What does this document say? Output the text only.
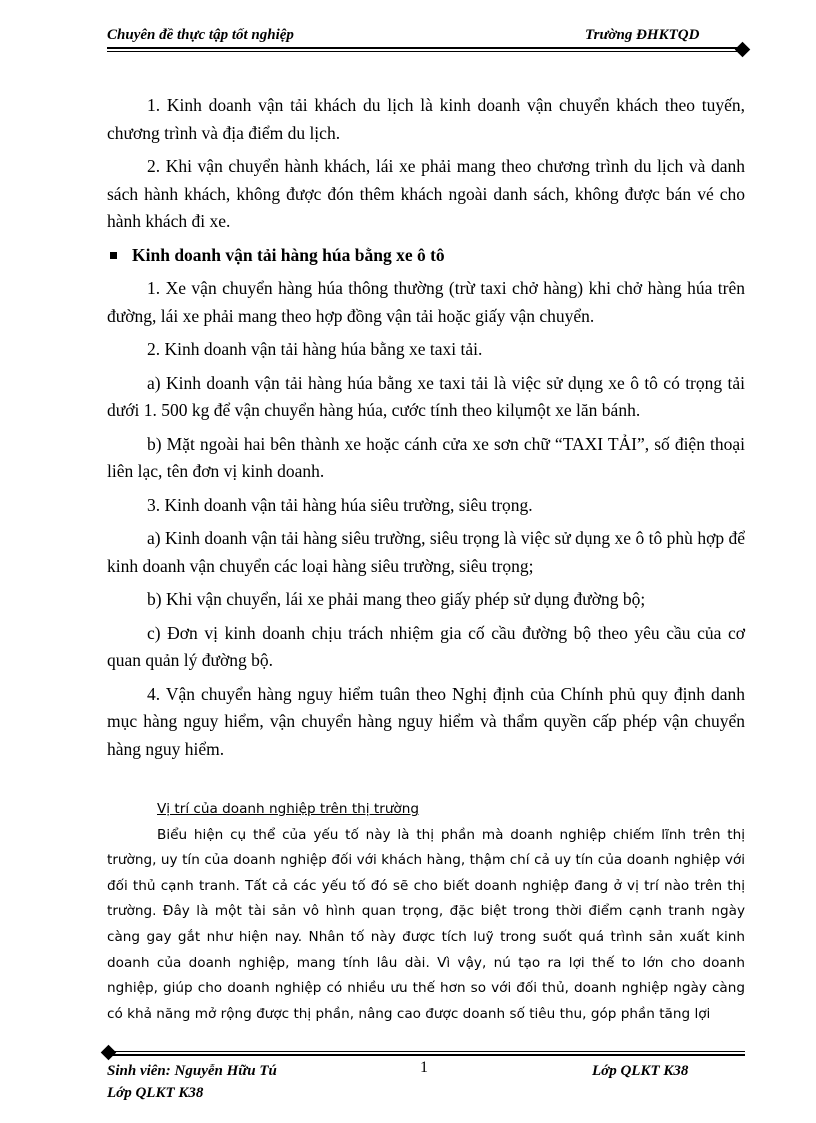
Chuyên đề thực tập tốt nghiệp	Trường ĐHKTQD

1. Kinh doanh vận tải khách du lịch là kinh doanh vận chuyển khách theo tuyến, chương trình và địa điểm du lịch.

2. Khi vận chuyển hành khách, lái xe phải mang theo chương trình du lịch và danh sách hành khách, không được đón thêm khách ngoài danh sách, không được bán vé cho hành khách đi xe.

Kinh doanh vận tải hàng húa bằng xe ô tô

1. Xe vận chuyển hàng húa thông thường (trừ taxi chở hàng) khi chở hàng húa trên đường, lái xe phải mang theo hợp đồng vận tải hoặc giấy vận chuyển.

2. Kinh doanh vận tải hàng húa bằng xe taxi tải.

a) Kinh doanh vận tải hàng húa bằng xe taxi tải là việc sử dụng xe ô tô có trọng tải dưới 1. 500 kg để vận chuyển hàng húa, cước tính theo kilụmột xe lăn bánh.

b) Mặt ngoài hai bên thành xe hoặc cánh cửa xe sơn chữ “TAXI TẢI”, số điện thoại liên lạc, tên đơn vị kinh doanh.

3. Kinh doanh vận tải hàng húa siêu trường, siêu trọng.

a) Kinh doanh vận tải hàng siêu trường, siêu trọng là việc sử dụng xe ô tô phù hợp để kinh doanh vận chuyển các loại hàng siêu trường, siêu trọng;

b) Khi vận chuyển, lái xe phải mang theo giấy phép sử dụng đường bộ;

c) Đơn vị kinh doanh chịu trách nhiệm gia cố cầu đường bộ theo yêu cầu của cơ quan quản lý đường bộ.

4. Vận chuyển hàng nguy hiểm tuân theo Nghị định của Chính phủ quy định danh mục hàng nguy hiểm, vận chuyển hàng nguy hiểm và thẩm quyền cấp phép vận chuyển hàng nguy hiểm.

Vị trí của doanh nghiệp trên thị trường

Biểu hiện cụ thể của yếu tố này là thị phần mà doanh nghiệp chiếm lĩnh trên thị trường, uy tín của doanh nghiệp đối với khách hàng, thậm chí cả uy tín của doanh nghiệp với đối thủ cạnh tranh. Tất cả các yếu tố đó sẽ cho biết doanh nghiệp đang ở vị trí nào trên thị trường. Đây là một tài sản vô hình quan trọng, đặc biệt trong thời điểm cạnh tranh ngày càng gay gắt như hiện nay. Nhân tố này được tích luỹ trong suốt quá trình sản xuất kinh doanh của doanh nghiệp, mang tính lâu dài. Vì vậy, nú tạo ra lợi thế to lớn cho doanh nghiệp, giúp cho doanh nghiệp có nhiều ưu thế hơn so với đối thủ, doanh nghiệp ngày càng có khả năng mở rộng được thị phần, nâng cao được doanh số tiêu thu, góp phần tăng lợi

1
Sinh viên: Nguyễn Hữu Tú
Lớp QLKT K38
Lớp QLKT K38
